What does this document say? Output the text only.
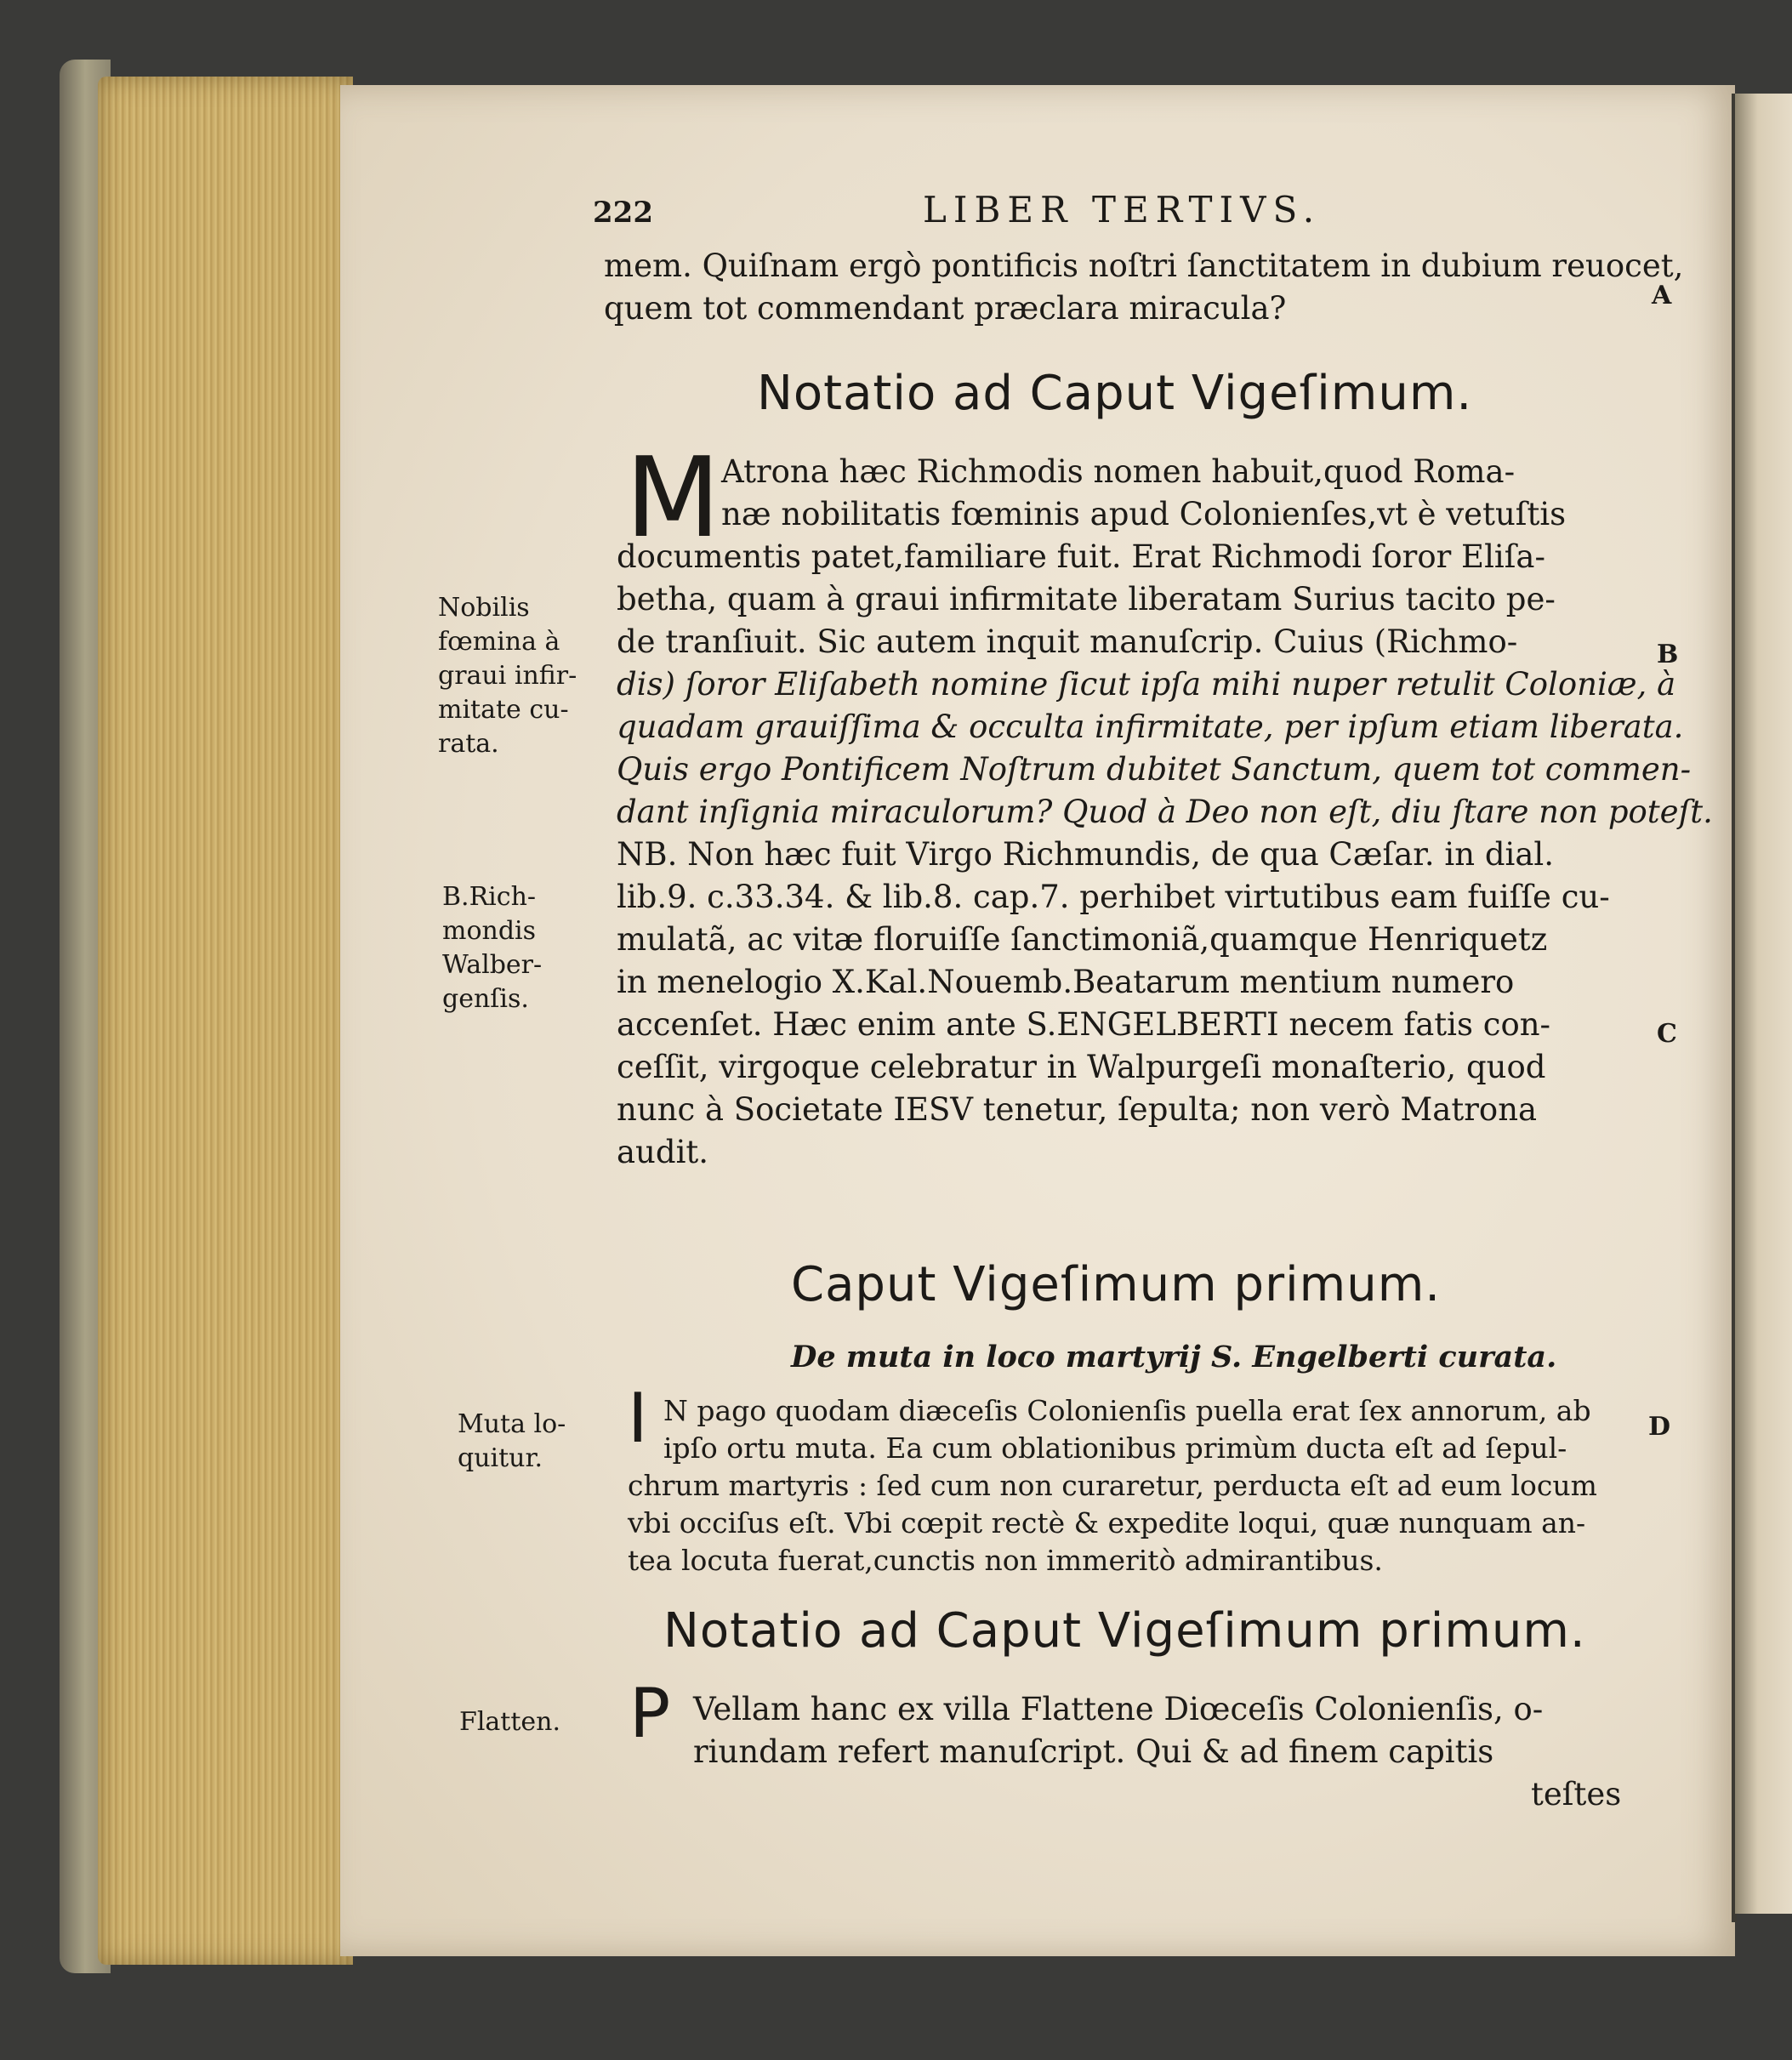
222	LIBER TERTIVS.

mem. Quiſnam ergò pontificis noſtri ſanctitatem in dubium reuocet,
quem tot commendant præclara miracula?	A

Notatio ad Caput Vigeſimum.

M Atrona hæc Richmodis nomen habuit,quod Roma-
næ nobilitatis fœminis apud Colonienſes,vt è vetuſtis
documentis patet,familiare fuit. Erat Richmodi ſoror Eliſa-
betha, quam à graui infirmitate liberatam Surius tacito pe-
de tranſiuit. Sic autem inquit manuſcrip. Cuius (Richmo-
dis) ſoror Eliſabeth nomine ſicut ipſa mihi nuper retulit Coloniæ, à
quadam grauiſſima & occulta infirmitate, per ipſum etiam liberata.
Quis ergo Pontificem Noſtrum dubitet Sanctum, quem tot commen-
dant inſignia miraculorum? Quod à Deo non eſt, diu ſtare non poteſt.
NB. Non hæc fuit Virgo Richmundis, de qua Cæſar. in dial.
lib.9. c.33.34. & lib.8. cap.7. perhibet virtutibus eam fuiſſe cu-
mulatã, ac vitæ floruiſſe ſanctimoniã,quamque Henriquetz
in menelogio X.Kal.Nouemb.Beatarum mentium numero
accenſet. Hæc enim ante S.ENGELBERTI necem fatis con-
ceſſit, virgoque celebratur in Walpurgeſi monaſterio, quod
nunc à Societate IESV tenetur, ſepulta; non verò Matrona
audit.

B

C

Caput Vigeſimum primum.

De muta in loco martyrij S. Engelberti curata.

I N pago quodam diæceſis Colonienſis puella erat ſex annorum, ab
ipſo ortu muta. Ea cum oblationibus primùm ducta eſt ad ſepul-
chrum martyris : ſed cum non curaretur, perducta eſt ad eum locum
vbi occiſus eſt. Vbi cœpit rectè & expedite loqui, quæ nunquam an-
tea locuta fuerat,cunctis non immeritò admirantibus.

D

Notatio ad Caput Vigeſimum primum.

P Vellam hanc ex villa Flattene Diœceſis Colonienſis, o-
riundam refert manuſcript. Qui & ad finem capitis

teſtes

Nobilis
fœmina à
graui infir-
mitate cu-
rata.
B.Rich-
mondis
Walber-
genſis.
Muta lo-
quitur.
Flatten.
